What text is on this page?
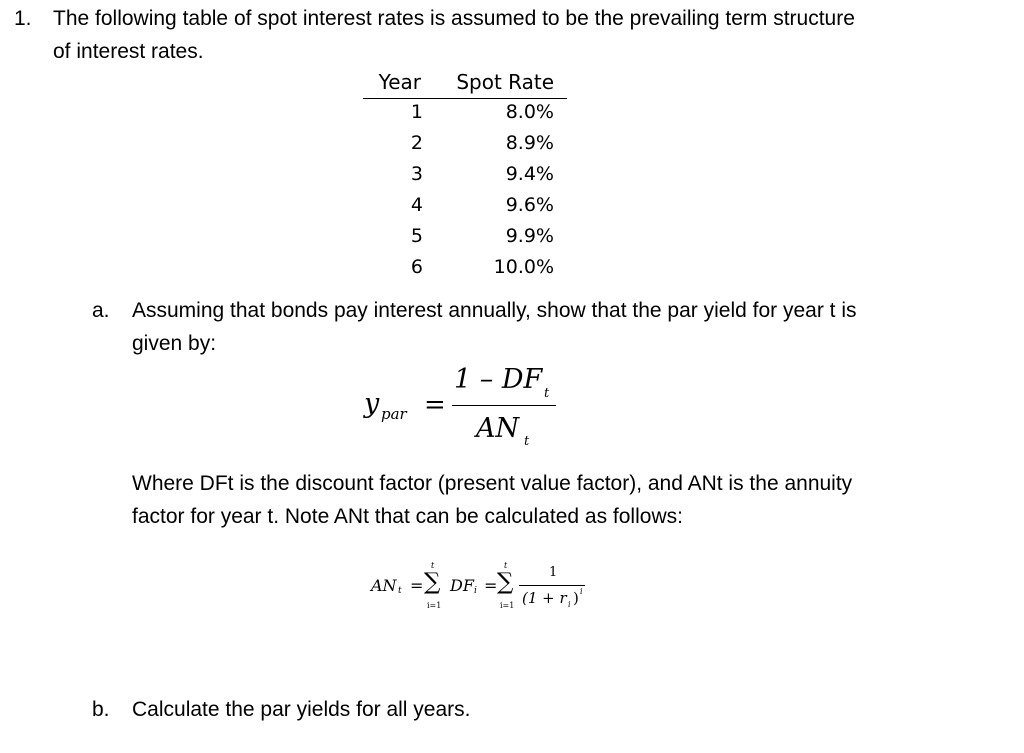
1. The following table of spot interest rates is assumed to be the prevailing term structure
of interest rates.
Year Spot Rate
1	8.0%
2	8.9%
3	9.4%
4	9.6%
5	9.9%
6	10.0%
a. Assuming that bonds pay interest annually, show that the par yield for year t is
given by:
y par =
1 – DF t
AN t
Where DFt is the discount factor (present value factor), and ANt is the annuity
factor for year t. Note ANt that can be calculated as follows:
AN t =
t
∑
i=1
DF i =
t
∑
i=1
1
(1 + r i ) i
b. Calculate the par yields for all years.
